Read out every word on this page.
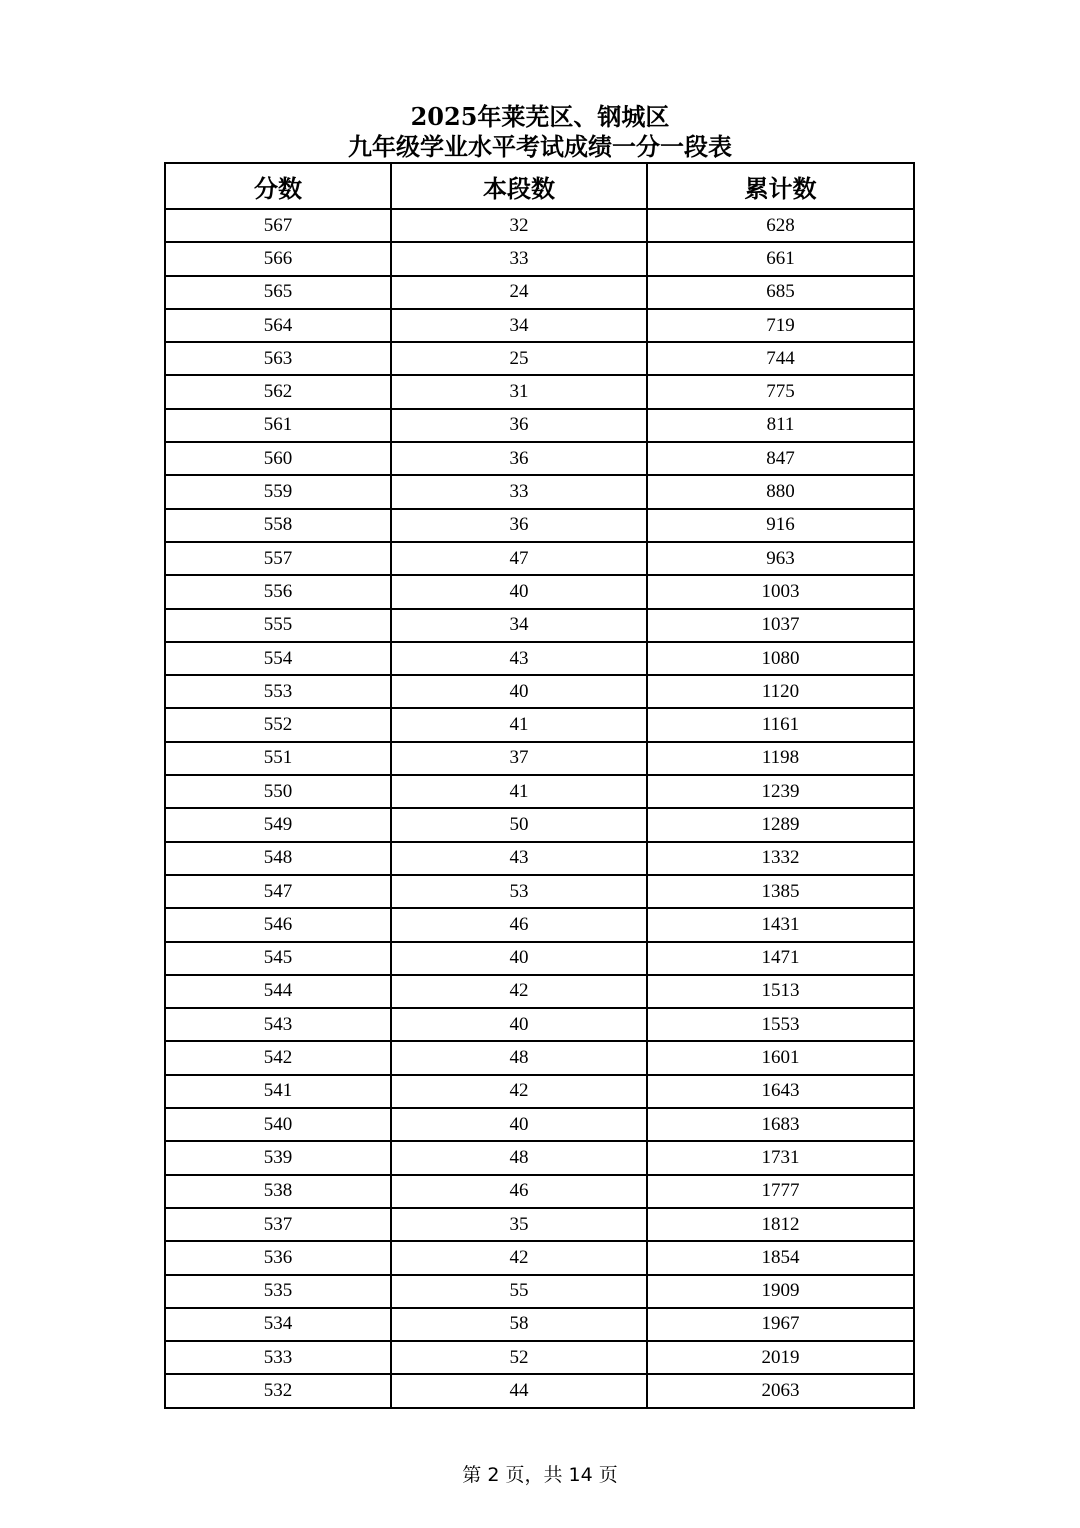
2025年莱芜区、钢城区
九年级学业水平考试成绩一分一段表
分数	本段数	累计数
567	32	628
566	33	661
565	24	685
564	34	719
563	25	744
562	31	775
561	36	811
560	36	847
559	33	880
558	36	916
557	47	963
556	40	1003
555	34	1037
554	43	1080
553	40	1120
552	41	1161
551	37	1198
550	41	1239
549	50	1289
548	43	1332
547	53	1385
546	46	1431
545	40	1471
544	42	1513
543	40	1553
542	48	1601
541	42	1643
540	40	1683
539	48	1731
538	46	1777
537	35	1812
536	42	1854
535	55	1909
534	58	1967
533	52	2019
532	44	2063
第 2 页，共 14 页
